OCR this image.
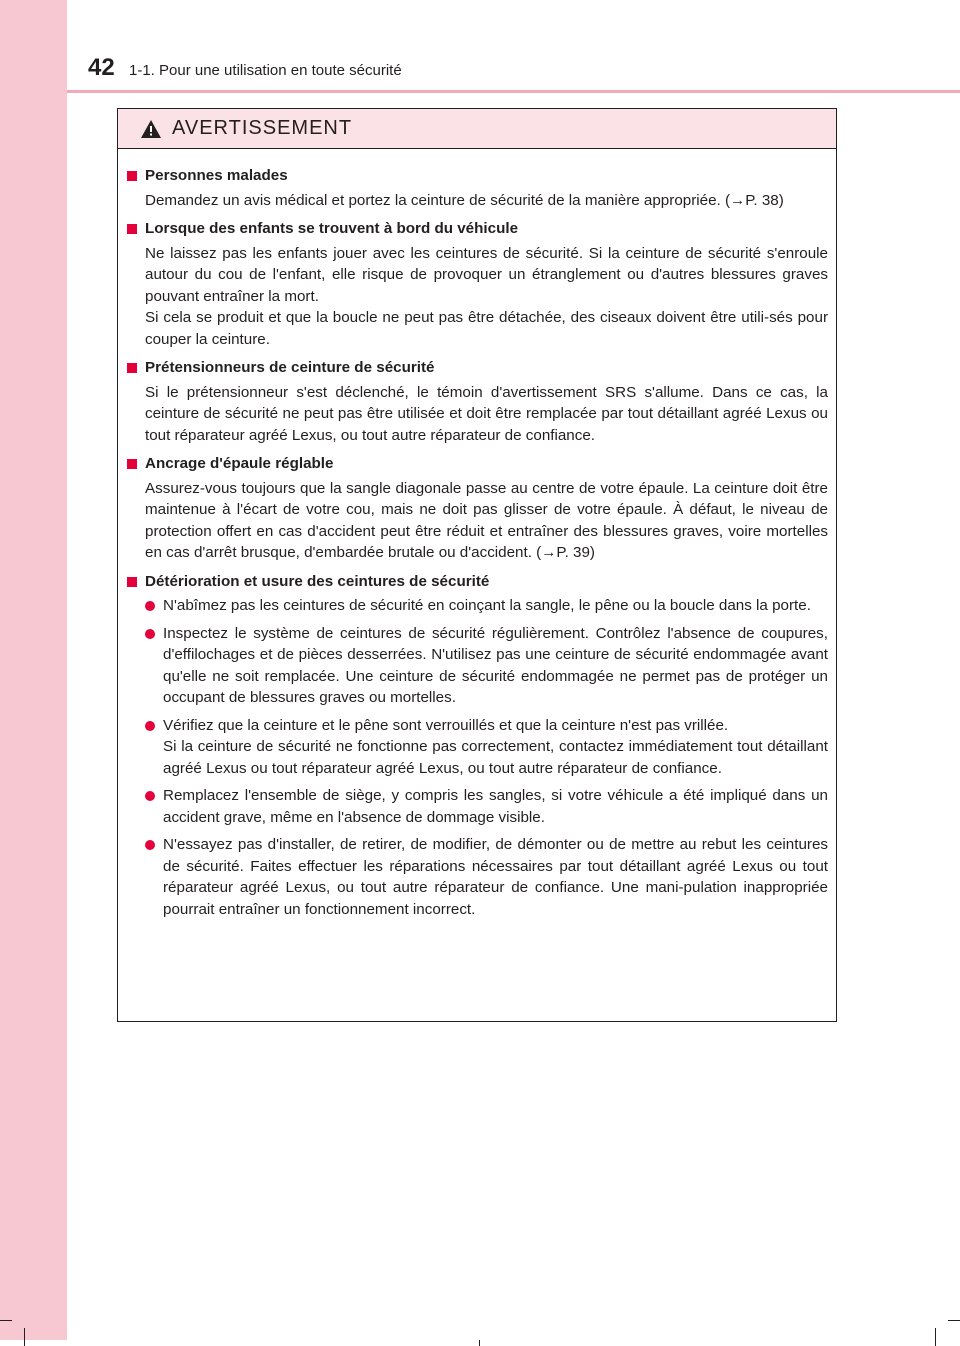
42 1-1. Pour une utilisation en toute sécurité
AVERTISSEMENT
Personnes malades
Demandez un avis médical et portez la ceinture de sécurité de la manière appropriée. (→P. 38)
Lorsque des enfants se trouvent à bord du véhicule
Ne laissez pas les enfants jouer avec les ceintures de sécurité. Si la ceinture de sécurité s'enroule autour du cou de l'enfant, elle risque de provoquer un étranglement ou d'autres blessures graves pouvant entraîner la mort.
Si cela se produit et que la boucle ne peut pas être détachée, des ciseaux doivent être utili-sés pour couper la ceinture.
Prétensionneurs de ceinture de sécurité
Si le prétensionneur s'est déclenché, le témoin d'avertissement SRS s'allume. Dans ce cas, la ceinture de sécurité ne peut pas être utilisée et doit être remplacée par tout détaillant agréé Lexus ou tout réparateur agréé Lexus, ou tout autre réparateur de confiance.
Ancrage d'épaule réglable
Assurez-vous toujours que la sangle diagonale passe au centre de votre épaule. La ceinture doit être maintenue à l'écart de votre cou, mais ne doit pas glisser de votre épaule. À défaut, le niveau de protection offert en cas d'accident peut être réduit et entraîner des blessures graves, voire mortelles en cas d'arrêt brusque, d'embardée brutale ou d'accident. (→P. 39)
Détérioration et usure des ceintures de sécurité
N'abîmez pas les ceintures de sécurité en coinçant la sangle, le pêne ou la boucle dans la porte.
Inspectez le système de ceintures de sécurité régulièrement. Contrôlez l'absence de coupures, d'effilochages et de pièces desserrées. N'utilisez pas une ceinture de sécurité endommagée avant qu'elle ne soit remplacée. Une ceinture de sécurité endommagée ne permet pas de protéger un occupant de blessures graves ou mortelles.
Vérifiez que la ceinture et le pêne sont verrouillés et que la ceinture n'est pas vrillée.
Si la ceinture de sécurité ne fonctionne pas correctement, contactez immédiatement tout détaillant agréé Lexus ou tout réparateur agréé Lexus, ou tout autre réparateur de confiance.
Remplacez l'ensemble de siège, y compris les sangles, si votre véhicule a été impliqué dans un accident grave, même en l'absence de dommage visible.
N'essayez pas d'installer, de retirer, de modifier, de démonter ou de mettre au rebut les ceintures de sécurité. Faites effectuer les réparations nécessaires par tout détaillant agréé Lexus ou tout réparateur agréé Lexus, ou tout autre réparateur de confiance. Une mani-pulation inappropriée pourrait entraîner un fonctionnement incorrect.
